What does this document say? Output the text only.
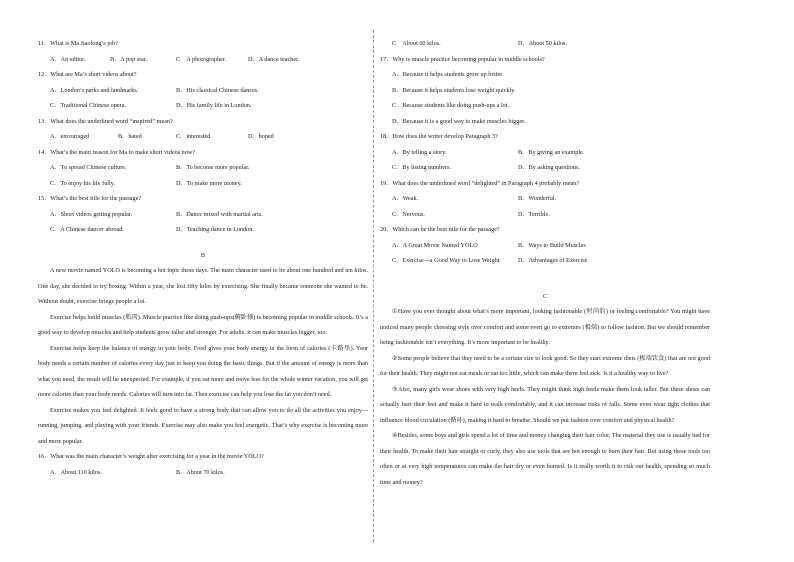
11．What is Ma Jiaolong’s job?
A．An editor.	B．A pop star.	C．A photographer.	D．A dance teacher.
12．What are Ma’s short videos about?
A．London’s parks and landmarks.	B．His classical Chinese dances.
C．Traditional Chinese opera.	D．His family life in London.
13．What does the underlined word “inspired” mean?
A．encouraged	B．hated	C．interested	D．hoped
14．What’s the main reason for Ma to make short videos now?
A．To spread Chinese culture.	B．To become more popular.
C．To enjoy his life fully.	D．To make more money.
15．What’s the best title for the passage?
A．Short videos getting popular.	B．Dance mixed with martial arts.
C．A Chinese dancer abroad.	D．Teaching dance in London.
B
A new movie named YOLO is becoming a hot topic these days. The main character used to be about one hundred and ten kilos. One day, she decided to try boxing. Within a year, she lost fifty kilos by exercising. She finally became someone she wanted to be. Without doubt, exercise brings people a lot.
Exercise helps build muscles (肌肉). Muscle practice like doing push-ups(俯卧撑) is becoming popular in middle schools. It’s a good way to develop muscles and help students grow taller and stronger. For adults, it can make muscles bigger, too.
Exercise helps keep the balance of energy in your body. Food gives your body energy in the form of calories (卡路里). Your body needs a certain number of calories every day just to keep you doing the basic things. But if the amount of energy is more than what you need, the result will be unexpected. For example, if you eat more and move less for the whole winter vacation, you will get more calories than your body needs. Calories will turn into fat. Then exercise can help you lose the fat you don’t need.
Exercise makes you feel delighted. It feels good to have a strong body that can allow you to do all the activities you enjoy—running, jumping, and playing with your friends. Exercise may also make you feel energetic. That’s why exercise is becoming more and more popular.
16．What was the main character’s weight after exercising for a year in the movie YOLO?
A．About 110 kilos.	B．About 70 kilos.
C．About 60 kilos.	D．About 50 kilos.
17．Why is muscle practice becoming popular in middle schools?
A．Because it helps students grow up better.
B．Because it helps students lose weight quickly.
C．Because students like doing push-ups a lot.
D．Because it is a good way to make muscles bigger.
18．How does the writer develop Paragraph 3?
A．By telling a story.	B．By giving an example.
C．By listing numbers.	D．By asking questions.
19．What does the underlined word “delighted” in Paragraph 4 probably mean?
A．Weak.	B．Wonderful.
C．Nervous.	D．Terrible.
20．Which can be the best title for the passage?
A．A Great Movie Named YOLO	B．Ways to Build Muscles
C．Exercise—a Good Way to Lose Weight	D．Advantages of Exercise
C
①Have you ever thought about what’s more important, looking fashionable (时尚的) or feeling comfortable? You might have noticed many people choosing style over comfort and some even go to extremes (极端) to follow fashion. But we should remember being fashionable isn’t everything. It’s more important to be healthy.
②Some people believe that they need to be a certain size to look good. So they start extreme diets (极端饮食) that are not good for their health. They might not eat meals or eat too little, which can make them feel sick. Is it a healthy way to live?
③Also, many girls wear shoes with very high heels. They might think high heels make them look taller. But these shoes can actually hurt their feet and make it hard to walk comfortably, and it can increase risks of falls. Some even wear tight clothes that influence blood circulation (循环), making it hard to breathe. Should we put fashion over comfort and physical health?
④Besides, some boys and girls spend a lot of time and money changing their hair color. The material they use is usually bad for their health. To make their hair straight or curly, they also use tools that are hot enough to burn their hair. But using these tools too often or at very high temperatures can make the hair dry or even burned. Is it really worth it to risk our health, spending so much time and money?
